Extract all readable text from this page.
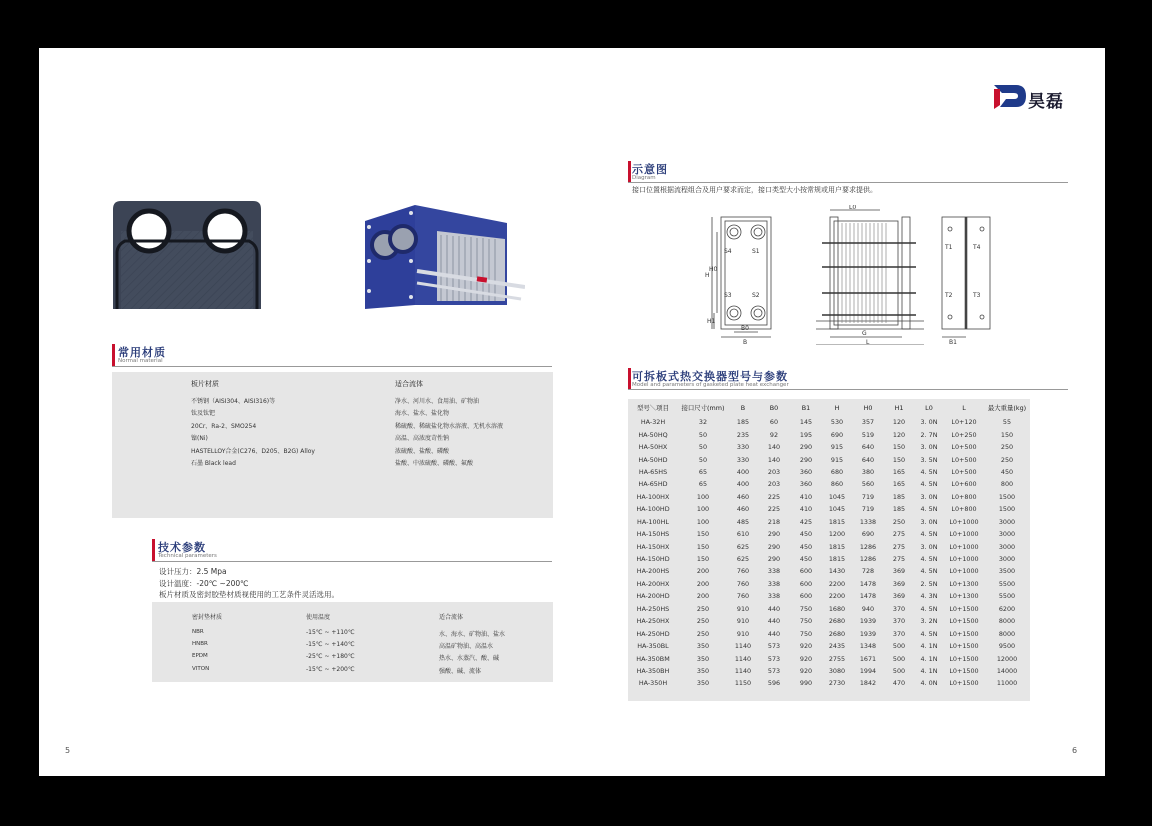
昊磊
常用材质
Normal material
板片材质	适合流体
不锈钢（AISI304、AISI316)等	净水、河川水、食用油、矿物油
钛及钛钯	海水、盐水、盐化物
20Cr、Ra-2、SMO254	稀硫酸、稀硫盐化物水溶液、无机水溶液
镍(Ni)	高温、高浓度苛性钠
HASTELLOY合金(C276、D205、B2G) Alloy	浓硫酸、盐酸、磷酸
石墨 Black lead	盐酸、中浓硫酸、磷酸、氟酸
技术参数
Technical parameters
设计压力：2.5 Mpa
设计温度：-20℃ ~200℃
板片材质及密封胶垫材质视使用的工艺条件灵活选用。
密封垫材质	使用温度	适合流体
NBR	-15℃ ~ +110℃	水、海水、矿物油、盐水
HNBR	-15℃ ~ +140℃	高温矿物油、高温水
EPDM	-25℃ ~ +180℃	热水、水蒸汽、酸、碱
VITON	-15℃ ~ +200℃	强酸、碱、流体
5
示意图
Diagram
接口位置根据流程组合及用户要求而定，接口类型大小按常规或用户要求提供。
S4	S1
S3	S2
B0
B
H
H0
H1
L0
G
L
T1	T4
T2	T3
B1
可拆板式热交换器型号与参数
Model and parameters of gasketed plate heat exchanger
型号＼项目	接口尺寸(mm)	B	B0	B1	H	H0	H1	L0	L	最大重量(kg)
HA-32H	32	185	60	145	530	357	120	3. 0N	L0+120	55
HA-50HQ	50	235	92	195	690	519	120	2. 7N	L0+250	150
HA-50HX	50	330	140	290	915	640	150	3. 0N	L0+500	250
HA-50HD	50	330	140	290	915	640	150	3. 5N	L0+500	250
HA-65HS	65	400	203	360	680	380	165	4. 5N	L0+500	450
HA-65HD	65	400	203	360	860	560	165	4. 5N	L0+600	800
HA-100HX	100	460	225	410	1045	719	185	3. 0N	L0+800	1500
HA-100HD	100	460	225	410	1045	719	185	4. 5N	L0+800	1500
HA-100HL	100	485	218	425	1815	1338	250	3. 0N	L0+1000	3000
HA-150HS	150	610	290	450	1200	690	275	4. 5N	L0+1000	3000
HA-150HX	150	625	290	450	1815	1286	275	3. 0N	L0+1000	3000
HA-150HD	150	625	290	450	1815	1286	275	4. 5N	L0+1000	3000
HA-200HS	200	760	338	600	1430	728	369	4. 5N	L0+1000	3500
HA-200HX	200	760	338	600	2200	1478	369	2. 5N	L0+1300	5500
HA-200HD	200	760	338	600	2200	1478	369	4. 3N	L0+1300	5500
HA-250HS	250	910	440	750	1680	940	370	4. 5N	L0+1500	6200
HA-250HX	250	910	440	750	2680	1939	370	3. 2N	L0+1500	8000
HA-250HD	250	910	440	750	2680	1939	370	4. 5N	L0+1500	8000
HA-350BL	350	1140	573	920	2435	1348	500	4. 1N	L0+1500	9500
HA-350BM	350	1140	573	920	2755	1671	500	4. 1N	L0+1500	12000
HA-350BH	350	1140	573	920	3080	1994	500	4. 1N	L0+1500	14000
HA-350H	350	1150	596	990	2730	1842	470	4. 0N	L0+1500	11000
6
